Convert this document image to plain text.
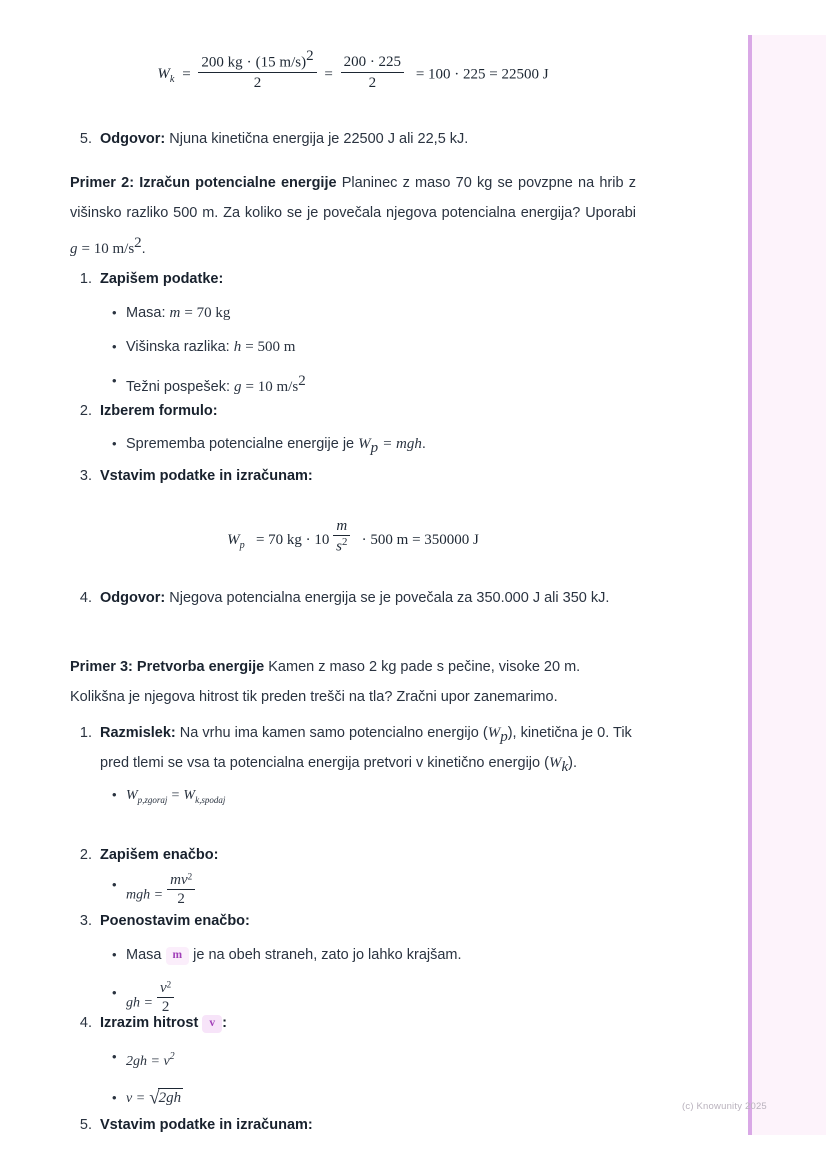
$W_k = \frac{200 kg \cdot (15 m/s)^2}{2} = \frac{200 \cdot 225}{2} = 100 \cdot 225 = 22500$ J
5. Odgovor: Njuna kinetična energija je 22500 J ali 22,5 kJ.
Primer 2: Izračun potencialne energije Planinec z maso 70 kg se povzpne na hrib z višinsko razliko 500 m. Za koliko se je povečala njegova potencialna energija? Uporabi g = 10 $m/s^2$.
1. Zapišem podatke:
• Masa: m = 70 kg
• Višinska razlika: h = 500 m
• Težni pospešek: g = 10 $m/s^2$
2. Izberem formulo:
• Sprememba potencialne energije je $W_p$ = mgh.
3. Vstavim podatke in izračunam:
$W_p = 70$ kg · $10 \frac{m}{s^2} \cdot 500$ m = 350000 J
4. Odgovor: Njegova potencialna energija se je povečala za 350.000 J ali 350 kJ.
Primer 3: Pretvorba energije Kamen z maso 2 kg pade s pečine, visoke 20 m. Kolikšna je njegova hitrost tik preden trešči na tla? Zračni upor zanemarimo.
1. Razmislek: Na vrhu ima kamen samo potencialno energijo $(W_p)$, kinetična je 0. Tik pred tlemi se vsa ta potencialna energija pretvori v kinetično energijo $(W_k)$.
• $W_{p,zgoraj} = W_{k,spodaj}$
2. Zapišem enačbo:
• mgh = $\frac{mv^2}{2}$
3. Poenostavim enačbo:
• Masa m je na obeh straneh, zato jo lahko krajšam.
• gh = $\frac{v^2}{2}$
4. Izrazim hitrost v :
• $2gh = v^2$
• v = √2gh
5. Vstavim podatke in izračunam:
(c) Knowunity 2025
